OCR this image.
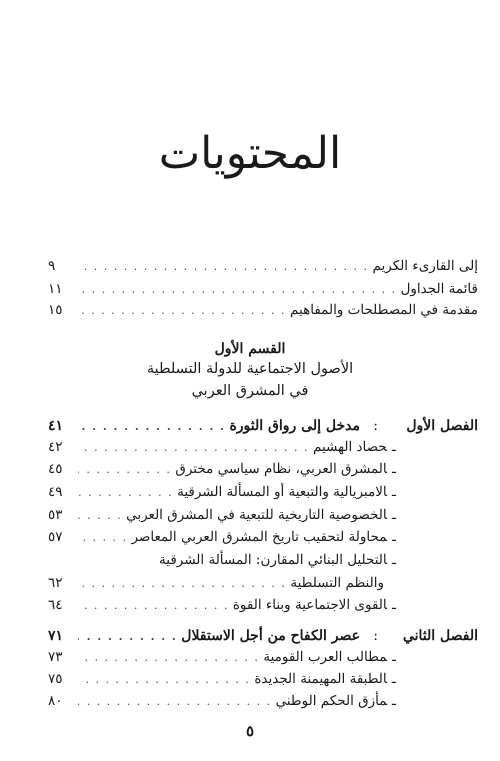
المحتويات
إلى القارىء الكريم
. . .
٩
قائمة الجداول
. . .
١١
مقدمة في المصطلحات والمفاهيم
. . .
١٥
القسم الأول
الأصول الاجتماعية للدولة التسلطية
في المشرق العربي
الفصل الأول
:
مدخل إلى رواق الثورة
. . .
٤١
ـحصاد الهشيم
. . .
٤٢
ـالمشرق العربي، نظام سياسي مخترق
. . .
٤٥
ـالامبريالية والتبعية أو المسألة الشرقية
. . .
٤٩
ـالخصوصية التاريخية للتبعية في المشرق العربي
. . .
٥٣
ـمحاولة لتحقيب تاريخ المشرق العربي المعاصر
. . .
٥٧
ـالتحليل البنائي المقارن: المسألة الشرقية
والنظم التسلطية
. . .
٦٢
ـالقوى الاجتماعية وبناء القوة
. . .
٦٤
الفصل الثاني
:
عصر الكفاح من أجل الاستقلال
. . .
٧١
ـمطالب العرب القومية
. . .
٧٣
ـالطبقة المهيمنة الجديدة
. . .
٧٥
ـمأزق الحكم الوطني
. . .
٨٠
٥
